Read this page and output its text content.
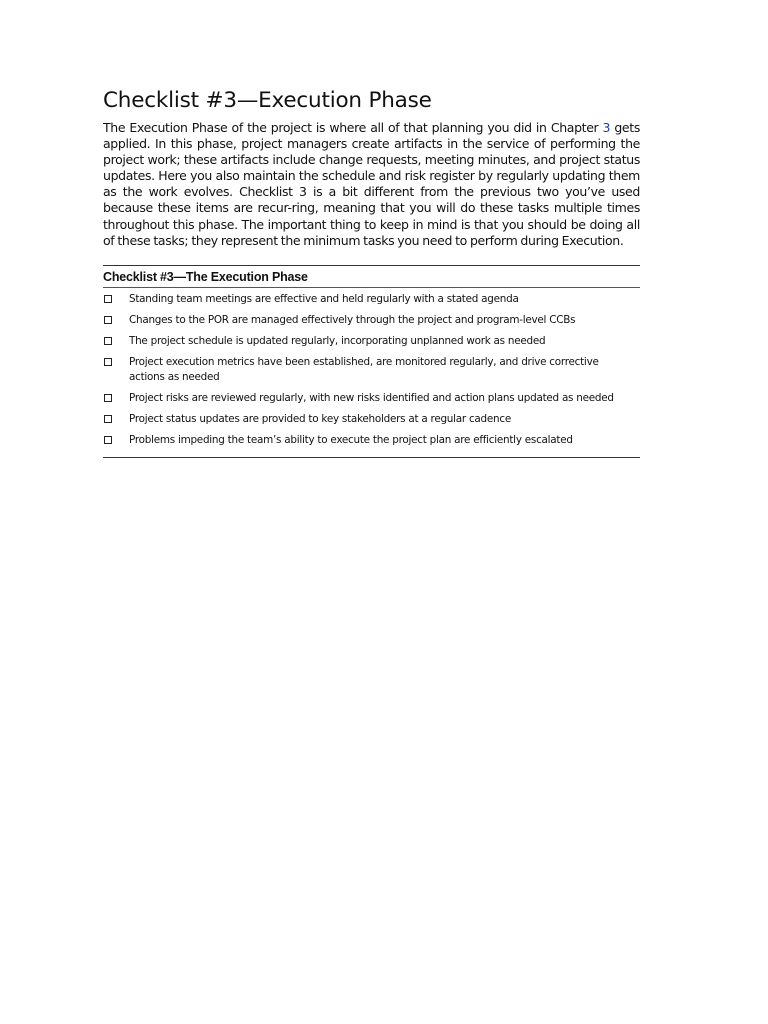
Checklist #3—Execution Phase

The Execution Phase of the project is where all of that planning you did in Chapter 3 gets applied. In this phase, project managers create artifacts in the service of performing the project work; these artifacts include change requests, meeting minutes, and project status updates. Here you also maintain the schedule and risk register by regularly updating them as the work evolves. Checklist 3 is a bit different from the previous two you’ve used because these items are recur-ring, meaning that you will do these tasks multiple times throughout this phase. The important thing to keep in mind is that you should be doing all of these tasks; they represent the minimum tasks you need to perform during Execution.

Checklist #3—The Execution Phase
Standing team meetings are effective and held regularly with a stated agenda
Changes to the POR are managed effectively through the project and program-level CCBs
The project schedule is updated regularly, incorporating unplanned work as needed
Project execution metrics have been established, are monitored regularly, and drive corrective actions as needed
Project risks are reviewed regularly, with new risks identified and action plans updated as needed
Project status updates are provided to key stakeholders at a regular cadence
Problems impeding the team’s ability to execute the project plan are efficiently escalated
